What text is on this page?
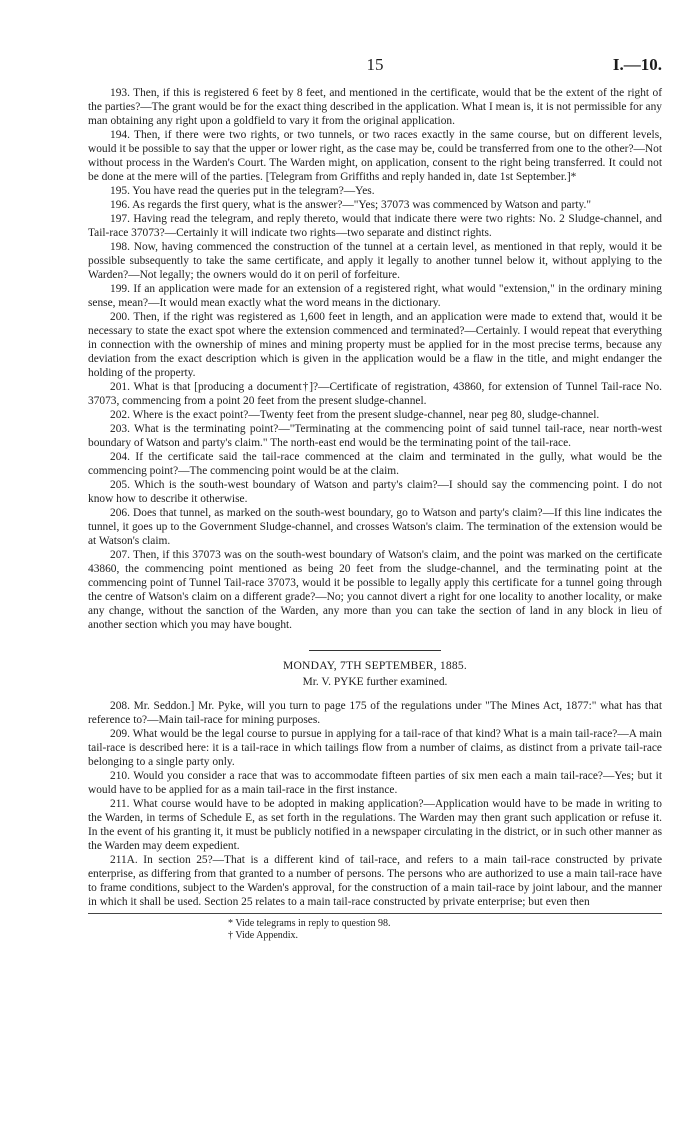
15	I.—10.

193. Then, if this is registered 6 feet by 8 feet, and mentioned in the certificate, would that be the extent of the right of the parties?—The grant would be for the exact thing described in the application. What I mean is, it is not permissible for any man obtaining any right upon a goldfield to vary it from the original application.

194. Then, if there were two rights, or two tunnels, or two races exactly in the same course, but on different levels, would it be possible to say that the upper or lower right, as the case may be, could be transferred from one to the other?—Not without process in the Warden's Court. The Warden might, on application, consent to the right being transferred. It could not be done at the mere will of the parties. [Telegram from Griffiths and reply handed in, date 1st September.]*

195. You have read the queries put in the telegram?—Yes.

196. As regards the first query, what is the answer?—"Yes; 37073 was commenced by Watson and party."

197. Having read the telegram, and reply thereto, would that indicate there were two rights: No. 2 Sludge-channel, and Tail-race 37073?—Certainly it will indicate two rights—two separate and distinct rights.

198. Now, having commenced the construction of the tunnel at a certain level, as mentioned in that reply, would it be possible subsequently to take the same certificate, and apply it legally to another tunnel below it, without applying to the Warden?—Not legally; the owners would do it on peril of forfeiture.

199. If an application were made for an extension of a registered right, what would "extension," in the ordinary mining sense, mean?—It would mean exactly what the word means in the dictionary.

200. Then, if the right was registered as 1,600 feet in length, and an application were made to extend that, would it be necessary to state the exact spot where the extension commenced and terminated?—Certainly. I would repeat that everything in connection with the ownership of mines and mining property must be applied for in the most precise terms, because any deviation from the exact description which is given in the application would be a flaw in the title, and might endanger the holding of the property.

201. What is that [producing a document†]?—Certificate of registration, 43860, for extension of Tunnel Tail-race No. 37073, commencing from a point 20 feet from the present sludge-channel.

202. Where is the exact point?—Twenty feet from the present sludge-channel, near peg 80, sludge-channel.

203. What is the terminating point?—"Terminating at the commencing point of said tunnel tail-race, near north-west boundary of Watson and party's claim." The north-east end would be the terminating point of the tail-race.

204. If the certificate said the tail-race commenced at the claim and terminated in the gully, what would be the commencing point?—The commencing point would be at the claim.

205. Which is the south-west boundary of Watson and party's claim?—I should say the commencing point. I do not know how to describe it otherwise.

206. Does that tunnel, as marked on the south-west boundary, go to Watson and party's claim?—If this line indicates the tunnel, it goes up to the Government Sludge-channel, and crosses Watson's claim. The termination of the extension would be at Watson's claim.

207. Then, if this 37073 was on the south-west boundary of Watson's claim, and the point was marked on the certificate 43860, the commencing point mentioned as being 20 feet from the sludge-channel, and the terminating point at the commencing point of Tunnel Tail-race 37073, would it be possible to legally apply this certificate for a tunnel going through the centre of Watson's claim on a different grade?—No; you cannot divert a right for one locality to another locality, or make any change, without the sanction of the Warden, any more than you can take the section of land in any block in lieu of another section which you may have bought.

MONDAY, 7TH SEPTEMBER, 1885.

Mr. V. PYKE further examined.

208. Mr. Seddon.] Mr. Pyke, will you turn to page 175 of the regulations under "The Mines Act, 1877:" what has that reference to?—Main tail-race for mining purposes.

209. What would be the legal course to pursue in applying for a tail-race of that kind? What is a main tail-race?—A main tail-race is described here: it is a tail-race in which tailings flow from a number of claims, as distinct from a private tail-race belonging to a single party only.

210. Would you consider a race that was to accommodate fifteen parties of six men each a main tail-race?—Yes; but it would have to be applied for as a main tail-race in the first instance.

211. What course would have to be adopted in making application?—Application would have to be made in writing to the Warden, in terms of Schedule E, as set forth in the regulations. The Warden may then grant such application or refuse it. In the event of his granting it, it must be publicly notified in a newspaper circulating in the district, or in such other manner as the Warden may deem expedient.

211A. In section 25?—That is a different kind of tail-race, and refers to a main tail-race constructed by private enterprise, as differing from that granted to a number of persons. The persons who are authorized to use a main tail-race have to frame conditions, subject to the Warden's approval, for the construction of a main tail-race by joint labour, and the manner in which it shall be used. Section 25 relates to a main tail-race constructed by private enterprise; but even then

* Vide telegrams in reply to question 98.

† Vide Appendix.
